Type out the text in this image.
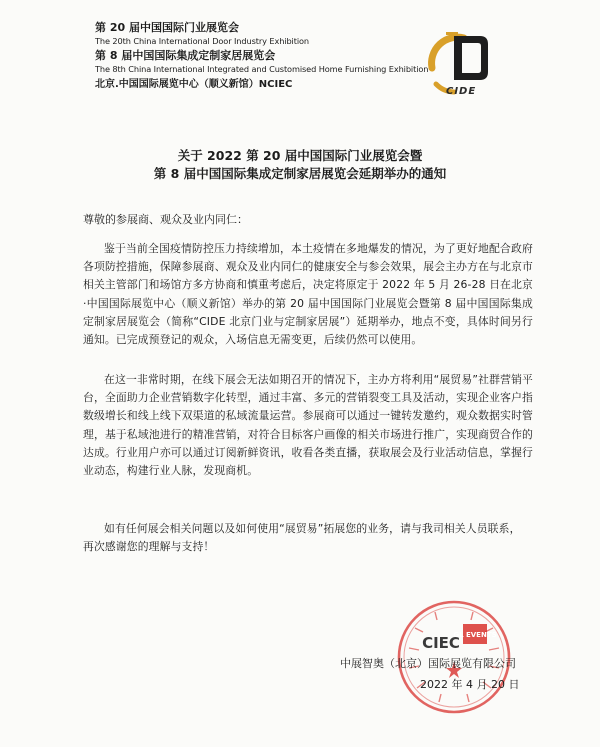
第 20 届中国国际门业展览会
The 20th China International Door Industry Exhibition
第 8 届中国国际集成定制家居展览会
The 8th China International Integrated and Customised Home Furnishing Exhibition
北京.中国国际展览中心（顺义新馆）NCIEC
CIDE
关于 2022 第 20 届中国国际门业展览会暨
第 8 届中国国际集成定制家居展览会延期举办的通知
尊敬的参展商、观众及业内同仁：

鉴于当前全国疫情防控压力持续增加，本土疫情在多地爆发的情况，为了更好地配合政府各项防控措施，保障参展商、观众及业内同仁的健康安全与参会效果，展会主办方在与北京市相关主管部门和场馆方多方协商和慎重考虑后，决定将原定于 2022 年 5 月 26-28 日在北京·中国国际展览中心（顺义新馆）举办的第 20 届中国国际门业展览会暨第 8 届中国国际集成定制家居展览会（简称“CIDE 北京门业与定制家居展”）延期举办，地点不变，具体时间另行通知。已完成预登记的观众，入场信息无需变更，后续仍然可以使用。

在这一非常时期，在线下展会无法如期召开的情况下，主办方将利用“展贸易”社群营销平台，全面助力企业营销数字化转型，通过丰富、多元的营销裂变工具及活动，实现企业客户指数级增长和线上线下双渠道的私域流量运营。参展商可以通过一键转发邀约，观众数据实时管理，基于私域池进行的精准营销，对符合目标客户画像的相关市场进行推广，实现商贸合作的达成。行业用户亦可以通过订阅新鲜资讯，收看各类直播，获取展会及行业活动信息，掌握行业动态，构建行业人脉，发现商机。

如有任何展会相关问题以及如何使用“展贸易”拓展您的业务，请与我司相关人员联系，

再次感谢您的理解与支持！

GL EVENTS
CIEC
中展智奥（北京）国际展览有限公司
2022 年 4 月 20 日
